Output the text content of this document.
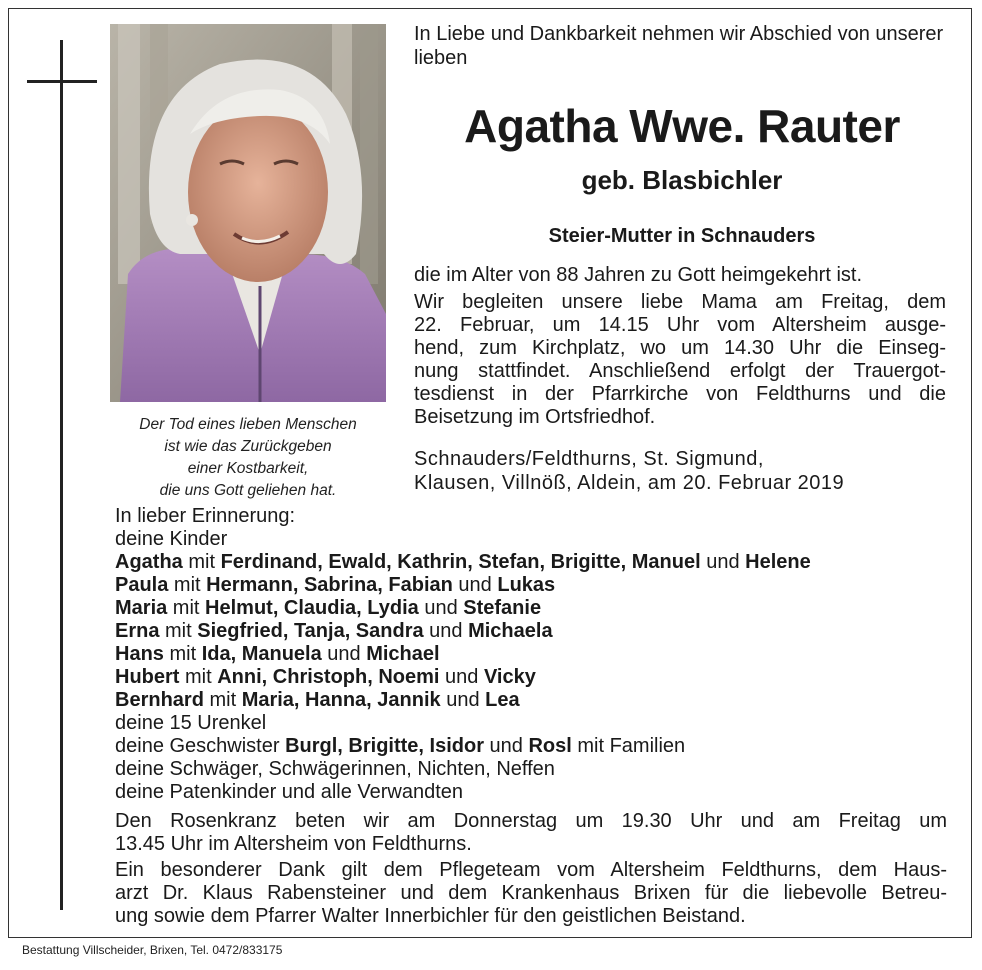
Der Tod eines lieben Menschen
ist wie das Zurückgeben
einer Kostbarkeit,
die uns Gott geliehen hat.
In Liebe und Dankbarkeit nehmen wir Abschied von unserer lieben
Agatha Wwe. Rauter
geb. Blasbichler
Steier-Mutter in Schnauders
die im Alter von 88 Jahren zu Gott heimgekehrt ist.
Wir begleiten unsere liebe Mama am Freitag, dem
22. Februar, um 14.15 Uhr vom Altersheim ausge-
hend, zum Kirchplatz, wo um 14.30 Uhr die Einseg-
nung stattfindet. Anschließend erfolgt der Trauergot-
tesdienst in der Pfarrkirche von Feldthurns und die
Beisetzung im Ortsfriedhof.
Schnauders/Feldthurns, St. Sigmund,
Klausen, Villnöß, Aldein, am 20. Februar 2019
In lieber Erinnerung:
deine Kinder
Agatha mit Ferdinand, Ewald, Kathrin, Stefan, Brigitte, Manuel und Helene
Paula mit Hermann, Sabrina, Fabian und Lukas
Maria mit Helmut, Claudia, Lydia und Stefanie
Erna mit Siegfried, Tanja, Sandra und Michaela
Hans mit Ida, Manuela und Michael
Hubert mit Anni, Christoph, Noemi und Vicky
Bernhard mit Maria, Hanna, Jannik und Lea
deine 15 Urenkel
deine Geschwister Burgl, Brigitte, Isidor und Rosl mit Familien
deine Schwäger, Schwägerinnen, Nichten, Neffen
deine Patenkinder und alle Verwandten
Den Rosenkranz beten wir am Donnerstag um 19.30 Uhr und am Freitag um
13.45 Uhr im Altersheim von Feldthurns.
Ein besonderer Dank gilt dem Pflegeteam vom Altersheim Feldthurns, dem Haus-
arzt Dr. Klaus Rabensteiner und dem Krankenhaus Brixen für die liebevolle Betreu-
ung sowie dem Pfarrer Walter Innerbichler für den geistlichen Beistand.
Bestattung Villscheider, Brixen, Tel. 0472/833175
